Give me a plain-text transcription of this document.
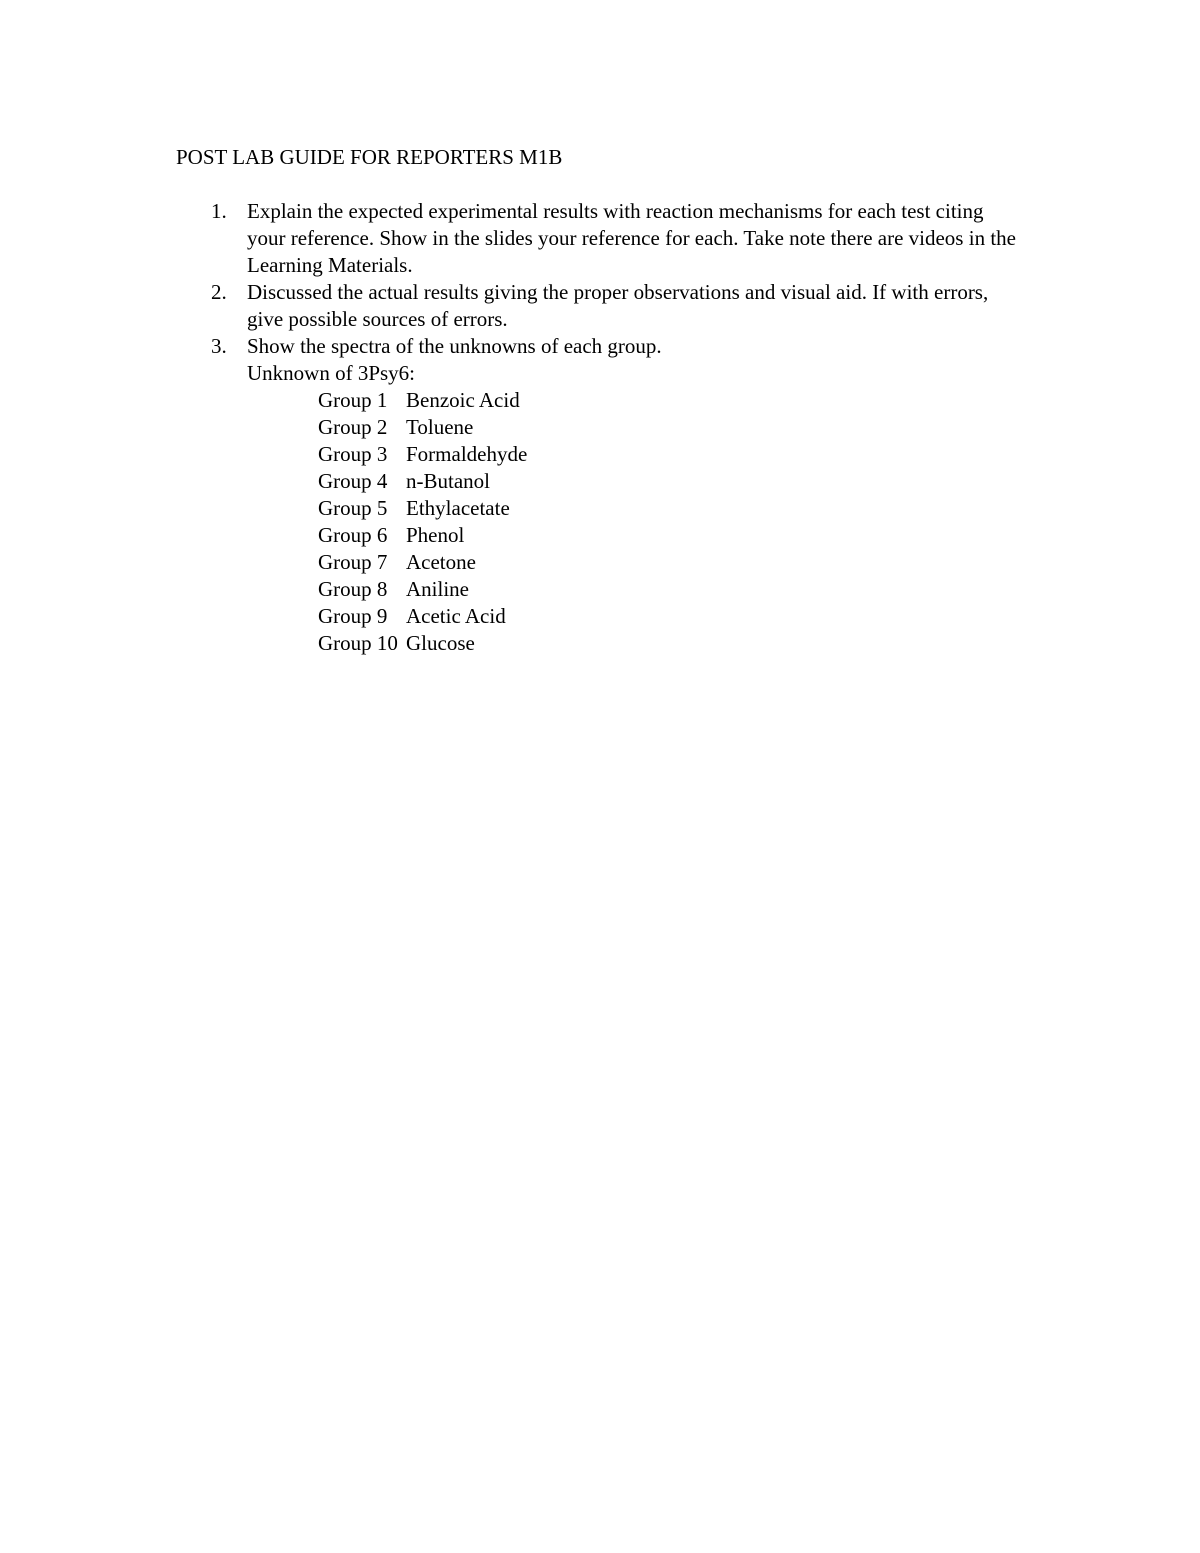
POST LAB GUIDE FOR REPORTERS M1B
1. Explain the expected experimental results with reaction mechanisms for each test citing your reference. Show in the slides your reference for each. Take note there are videos in the Learning Materials.
2. Discussed the actual results giving the proper observations and visual aid. If with errors, give possible sources of errors.
3. Show the spectra of the unknowns of each group.
Unknown of 3Psy6:
Group 1 Benzoic Acid
Group 2 Toluene
Group 3 Formaldehyde
Group 4 n-Butanol
Group 5 Ethylacetate
Group 6 Phenol
Group 7 Acetone
Group 8 Aniline
Group 9 Acetic Acid
Group 10 Glucose
